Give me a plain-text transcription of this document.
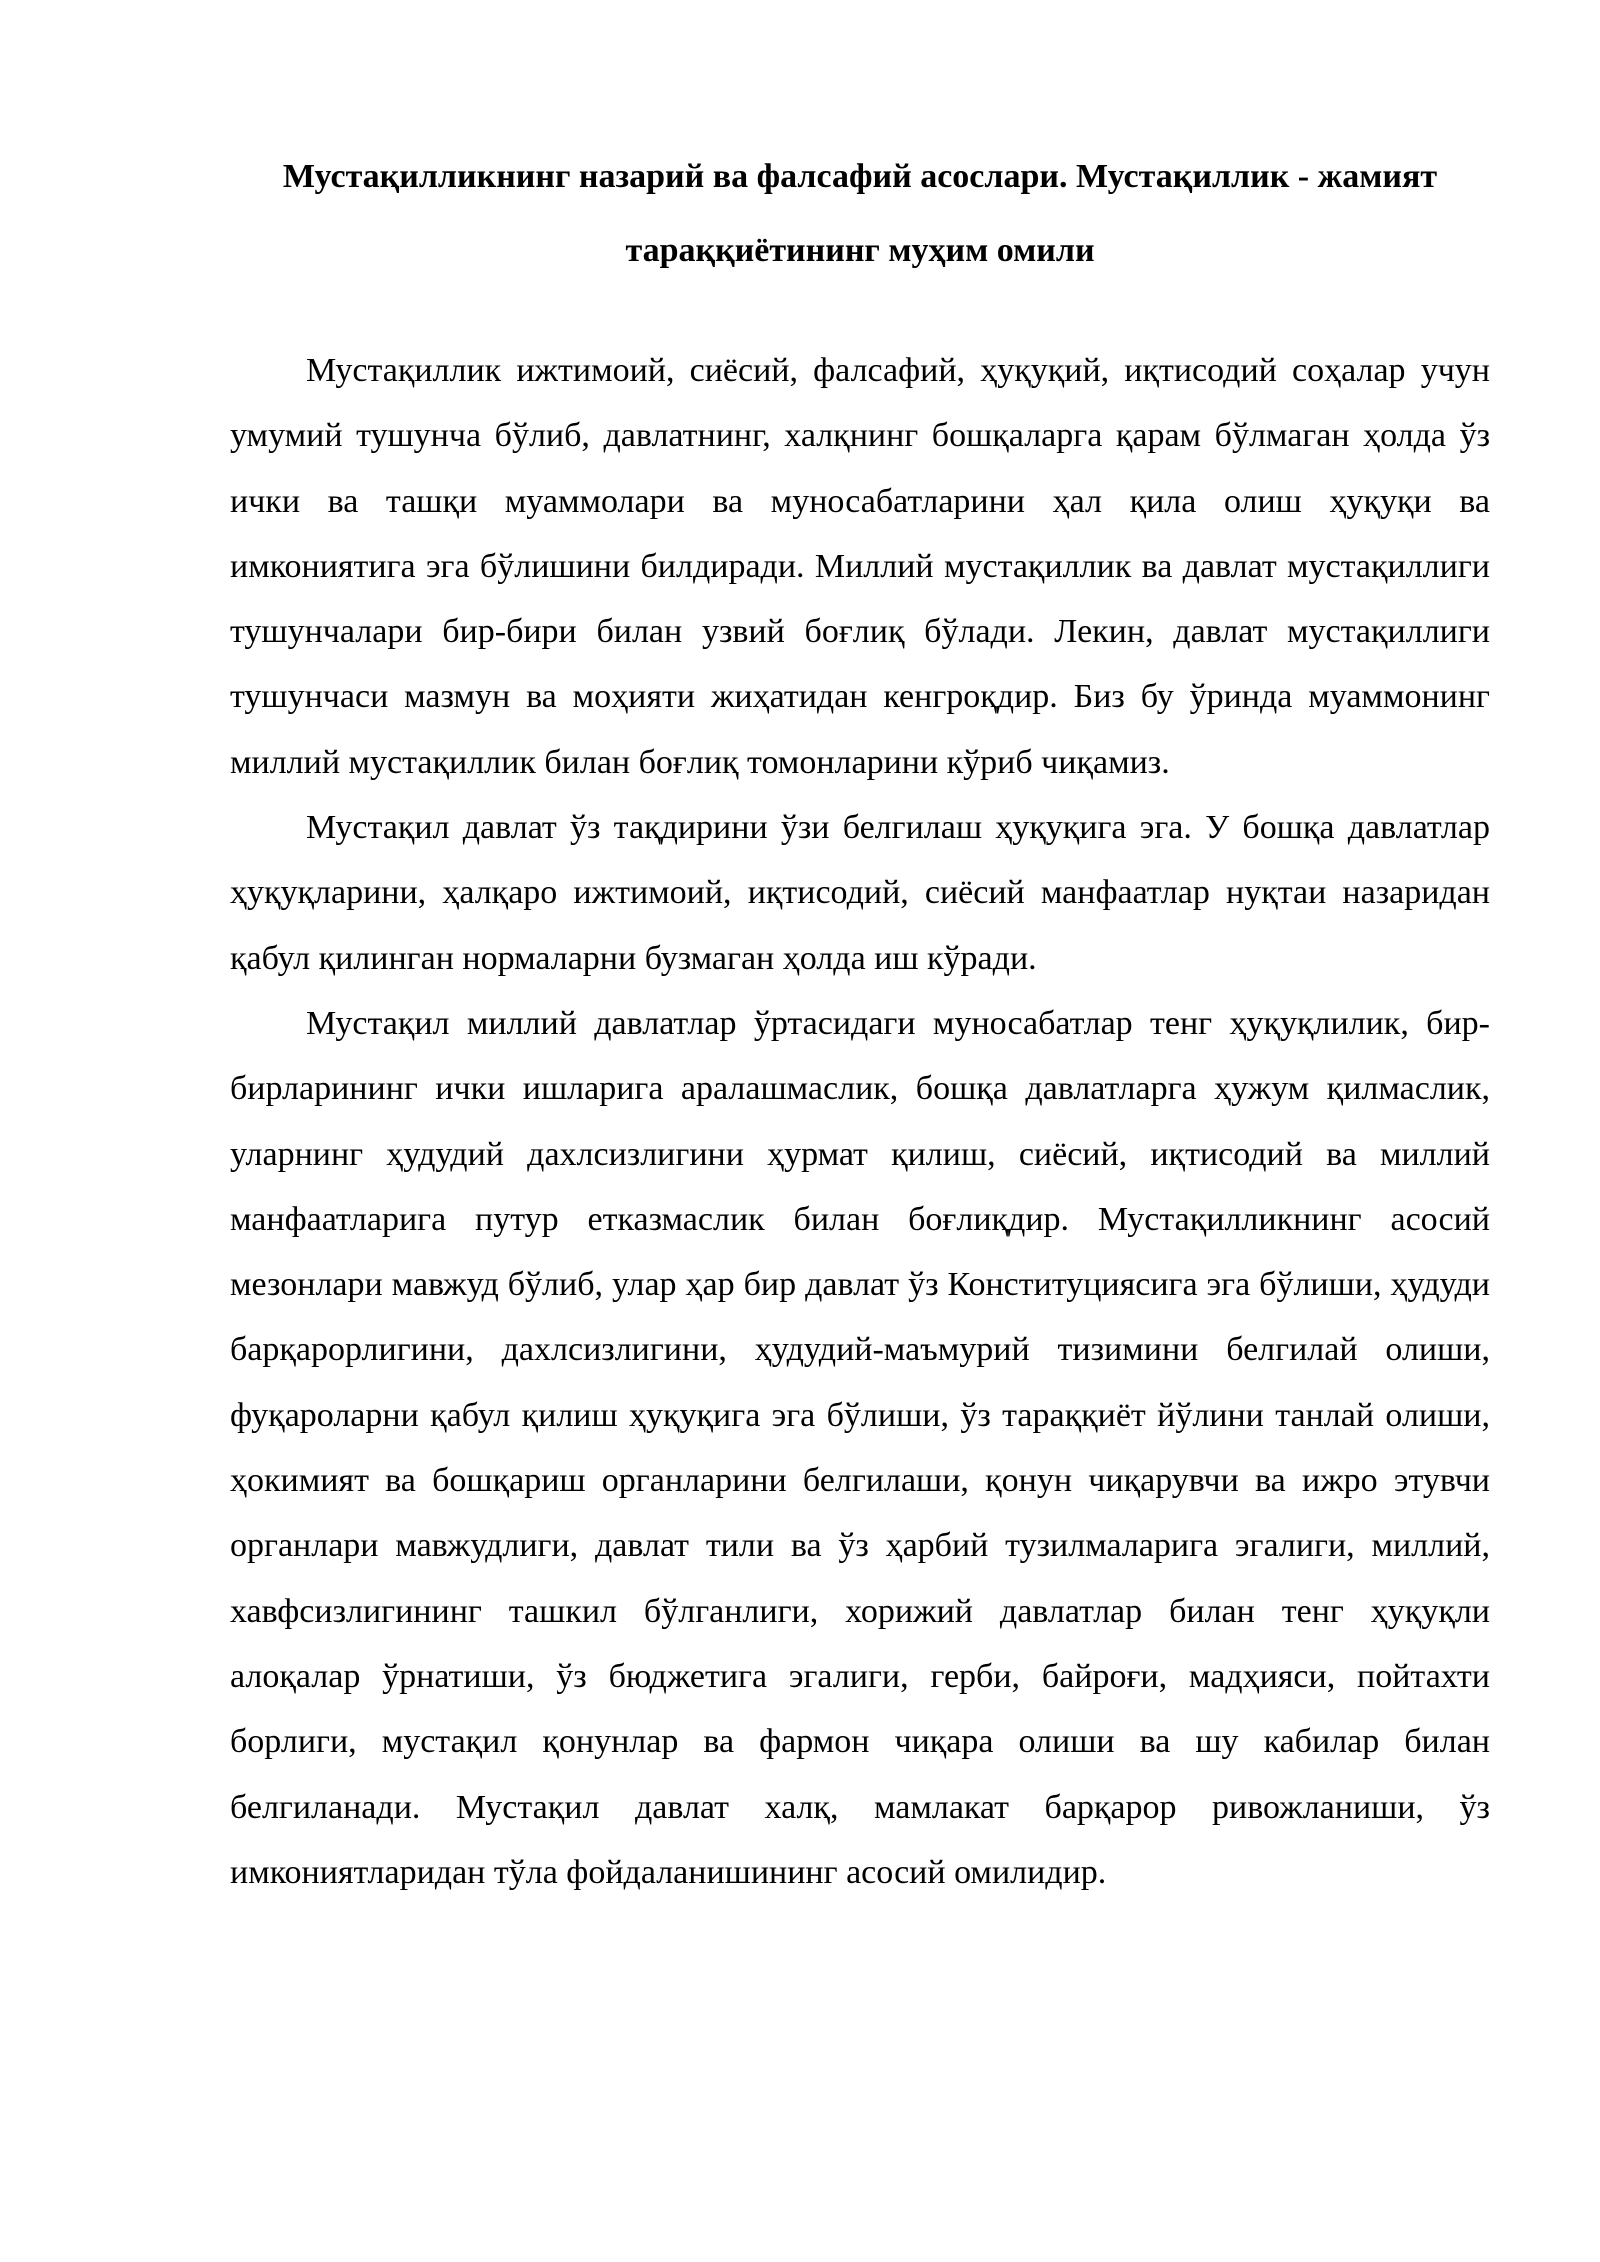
Мустақилликнинг назарий ва фалсафий асослари. Мустақиллик - жамият тараққиётининг муҳим омили

Мустақиллик ижтимоий, сиёсий, фалсафий, ҳуқуқий, иқтисодий соҳалар учун умумий тушунча бўлиб, давлатнинг, халқнинг бошқаларга қарам бўлмаган ҳолда ўз ички ва ташқи муаммолари ва муносабатларини ҳал қила олиш ҳуқуқи ва имкониятига эга бўлишини билдиради. Миллий мустақиллик ва давлат мустақиллиги тушунчалари бир-бири билан узвий боғлиқ бўлади. Лекин, давлат мустақиллиги тушунчаси мазмун ва моҳияти жиҳатидан кенгроқдир. Биз бу ўринда муаммонинг миллий мустақиллик билан боғлиқ томонларини кўриб чиқамиз.

Мустақил давлат ўз тақдирини ўзи белгилаш ҳуқуқига эга. У бошқа давлатлар ҳуқуқларини, ҳалқаро ижтимоий, иқтисодий, сиёсий манфаатлар нуқтаи назаридан қабул қилинган нормаларни бузмаган ҳолда иш кўради.

Мустақил миллий давлатлар ўртасидаги муносабатлар тенг ҳуқуқлилик, бир-бирларининг ички ишларига аралашмаслик, бошқа давлатларга ҳужум қилмаслик, уларнинг ҳудудий дахлсизлигини ҳурмат қилиш, сиёсий, иқтисодий ва миллий манфаатларига путур етказмаслик билан боғлиқдир. Мустақилликнинг асосий мезонлари мавжуд бўлиб, улар ҳар бир давлат ўз Конституциясига эга бўлиши, ҳудуди барқарорлигини, дахлсизлигини, ҳудудий-маъмурий тизимини белгилай олиши, фуқароларни қабул қилиш ҳуқуқига эга бўлиши, ўз тараққиёт йўлини танлай олиши, ҳокимият ва бошқариш органларини белгилаши, қонун чиқарувчи ва ижро этувчи органлари мавжудлиги, давлат тили ва ўз ҳарбий тузилмаларига эгалиги, миллий, хавфсизлигининг ташкил бўлганлиги, хорижий давлатлар билан тенг ҳуқуқли алоқалар ўрнатиши, ўз бюджетига эгалиги, герби, байроғи, мадҳияси, пойтахти борлиги, мустақил қонунлар ва фармон чиқара олиши ва шу кабилар билан белгиланади. Мустақил давлат халқ, мамлакат барқарор ривожланиши, ўз имкониятларидан тўла фойдаланишининг асосий омилидир.
